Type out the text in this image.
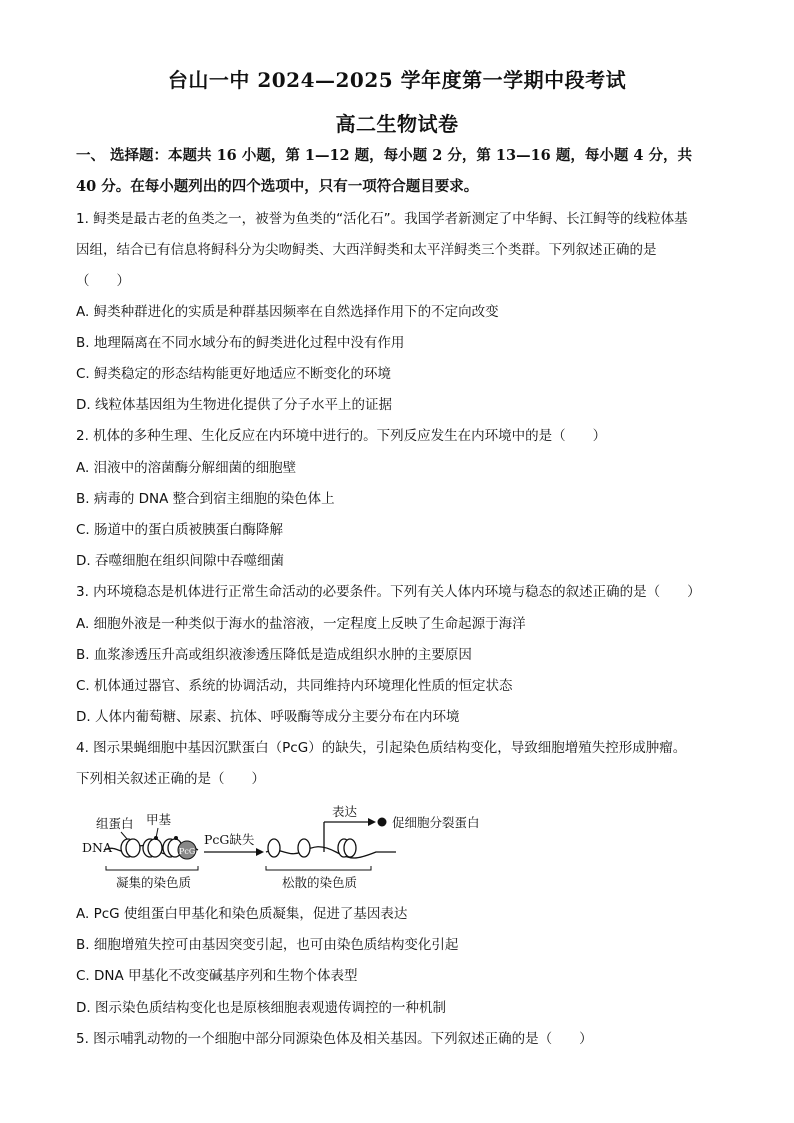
台山一中 2024—2025 学年度第一学期中段考试
高二生物试卷
一、 选择题：本题共 16 小题，第 1—12 题，每小题 2 分，第 13—16 题，每小题 4 分，共
40 分。在每小题列出的四个选项中，只有一项符合题目要求。
1. 鲟类是最古老的鱼类之一，被誉为鱼类的“活化石”。我国学者新测定了中华鲟、长江鲟等的线粒体基
因组，结合已有信息将鲟科分为尖吻鲟类、大西洋鲟类和太平洋鲟类三个类群。下列叙述正确的是
（　　）
A. 鲟类种群进化的实质是种群基因频率在自然选择作用下的不定向改变
B. 地理隔离在不同水域分布的鲟类进化过程中没有作用
C. 鲟类稳定的形态结构能更好地适应不断变化的环境
D. 线粒体基因组为生物进化提供了分子水平上的证据
2. 机体的多种生理、生化反应在内环境中进行的。下列反应发生在内环境中的是（　　）
A. 泪液中的溶菌酶分解细菌的细胞壁
B. 病毒的 DNA 整合到宿主细胞的染色体上
C. 肠道中的蛋白质被胰蛋白酶降解
D. 吞噬细胞在组织间隙中吞噬细菌
3. 内环境稳态是机体进行正常生命活动的必要条件。下列有关人体内环境与稳态的叙述正确的是（　　）
A. 细胞外液是一种类似于海水的盐溶液，一定程度上反映了生命起源于海洋
B. 血浆渗透压升高或组织液渗透压降低是造成组织水肿的主要原因
C. 机体通过器官、系统的协调活动，共同维持内环境理化性质的恒定状态
D. 人体内葡萄糖、尿素、抗体、呼吸酶等成分主要分布在内环境
4. 图示果蝇细胞中基因沉默蛋白（PcG）的缺失，引起染色质结构变化，导致细胞增殖失控形成肿瘤。
下列相关叙述正确的是（　　）
组蛋白 甲基
DNA	PcG
PcG缺失
表达
促细胞分裂蛋白
凝集的染色质	松散的染色质
A. PcG 使组蛋白甲基化和染色质凝集，促进了基因表达
B. 细胞增殖失控可由基因突变引起，也可由染色质结构变化引起
C. DNA 甲基化不改变碱基序列和生物个体表型
D. 图示染色质结构变化也是原核细胞表观遗传调控的一种机制
5. 图示哺乳动物的一个细胞中部分同源染色体及相关基因。下列叙述正确的是（　　）
